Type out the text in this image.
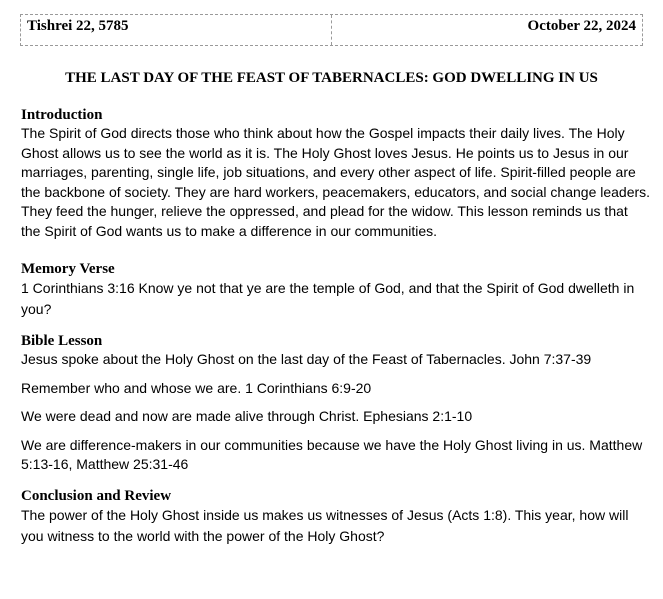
Tishrei 22, 5785	October 22, 2024
THE LAST DAY OF THE FEAST OF TABERNACLES: GOD DWELLING IN US
Introduction

The Spirit of God directs those who think about how the Gospel impacts their daily lives. The Holy Ghost allows us to see the world as it is. The Holy Ghost loves Jesus. He points us to Jesus in our marriages, parenting, single life, job situations, and every other aspect of life. Spirit-filled people are the backbone of society. They are hard workers, peacemakers, educators, and social change leaders. They feed the hunger, relieve the oppressed, and plead for the widow. This lesson reminds us that the Spirit of God wants us to make a difference in our communities.

Memory Verse

1 Corinthians 3:16 Know ye not that ye are the temple of God, and that the Spirit of God dwelleth in you?

Bible Lesson

Jesus spoke about the Holy Ghost on the last day of the Feast of Tabernacles. John 7:37-39

Remember who and whose we are. 1 Corinthians 6:9-20

We were dead and now are made alive through Christ. Ephesians 2:1-10

We are difference-makers in our communities because we have the Holy Ghost living in us. Matthew 5:13-16, Matthew 25:31-46

Conclusion and Review

The power of the Holy Ghost inside us makes us witnesses of Jesus (Acts 1:8). This year, how will you witness to the world with the power of the Holy Ghost?
